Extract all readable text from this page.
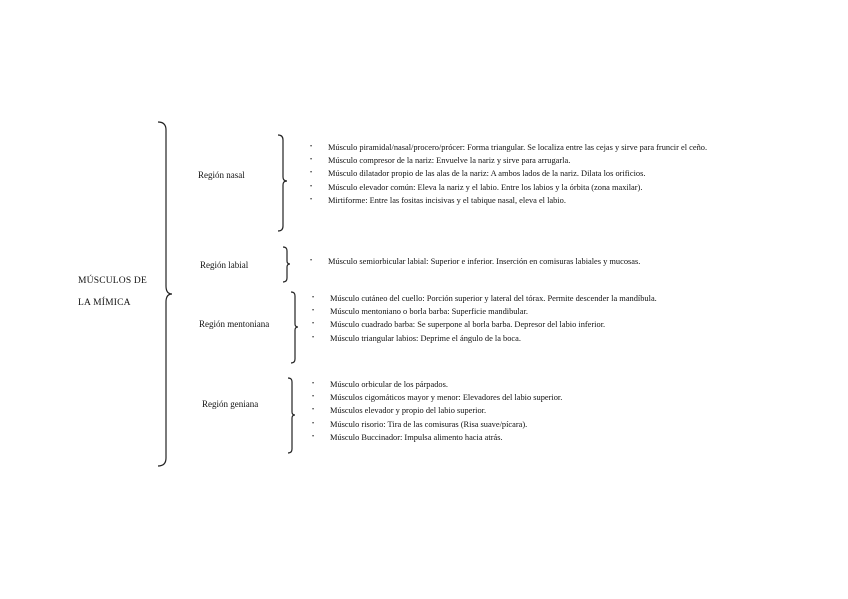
MÚSCULOS DE
LA MÍMICA
Región nasal
• Músculo piramidal/nasal/procero/prócer: Forma triangular. Se localiza entre las cejas y sirve para fruncir el ceño.
• Músculo compresor de la nariz: Envuelve la nariz y sirve para arrugarla.
• Músculo dilatador propio de las alas de la nariz: A ambos lados de la nariz. Dilata los orificios.
• Músculo elevador común: Eleva la nariz y el labio. Entre los labios y la órbita (zona maxilar).
• Mirtiforme: Entre las fositas incisivas y el tabique nasal, eleva el labio.
Región labial
•	Músculo semiorbicular labial: Superior e inferior. Inserción en comisuras labiales y mucosas.
Región mentoniana
• Músculo cutáneo del cuello: Porción superior y lateral del tórax. Permite descender la mandíbula.
• Músculo mentoniano o borla barba: Superficie mandibular.
• Músculo cuadrado barba: Se superpone al borla barba. Depresor del labio inferior.
• Músculo triangular labios: Deprime el ángulo de la boca.
Región geniana
• Músculo orbicular de los párpados.
• Músculos cigomáticos mayor y menor: Elevadores del labio superior.
• Músculos elevador y propio del labio superior.
• Músculo risorio: Tira de las comisuras (Risa suave/pícara).
• Músculo Buccinador: Impulsa alimento hacia atrás.
